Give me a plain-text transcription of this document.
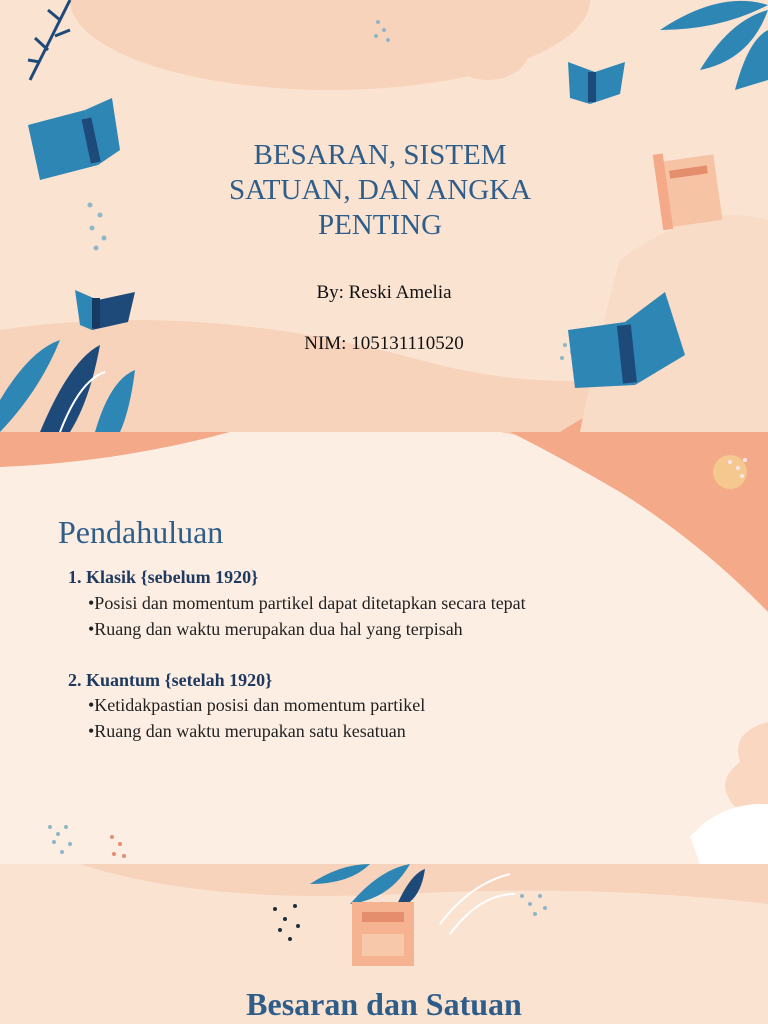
BESARAN, SISTEM SATUAN, DAN ANGKA PENTING
By: Reski Amelia
NIM: 105131110520
Pendahuluan
1. Klasik {sebelum 1920}
•Posisi dan momentum partikel dapat ditetapkan secara tepat
•Ruang dan waktu merupakan dua hal yang terpisah
2. Kuantum {setelah 1920}
•Ketidakpastian posisi dan momentum partikel
•Ruang dan waktu merupakan satu kesatuan
Besaran dan Satuan
